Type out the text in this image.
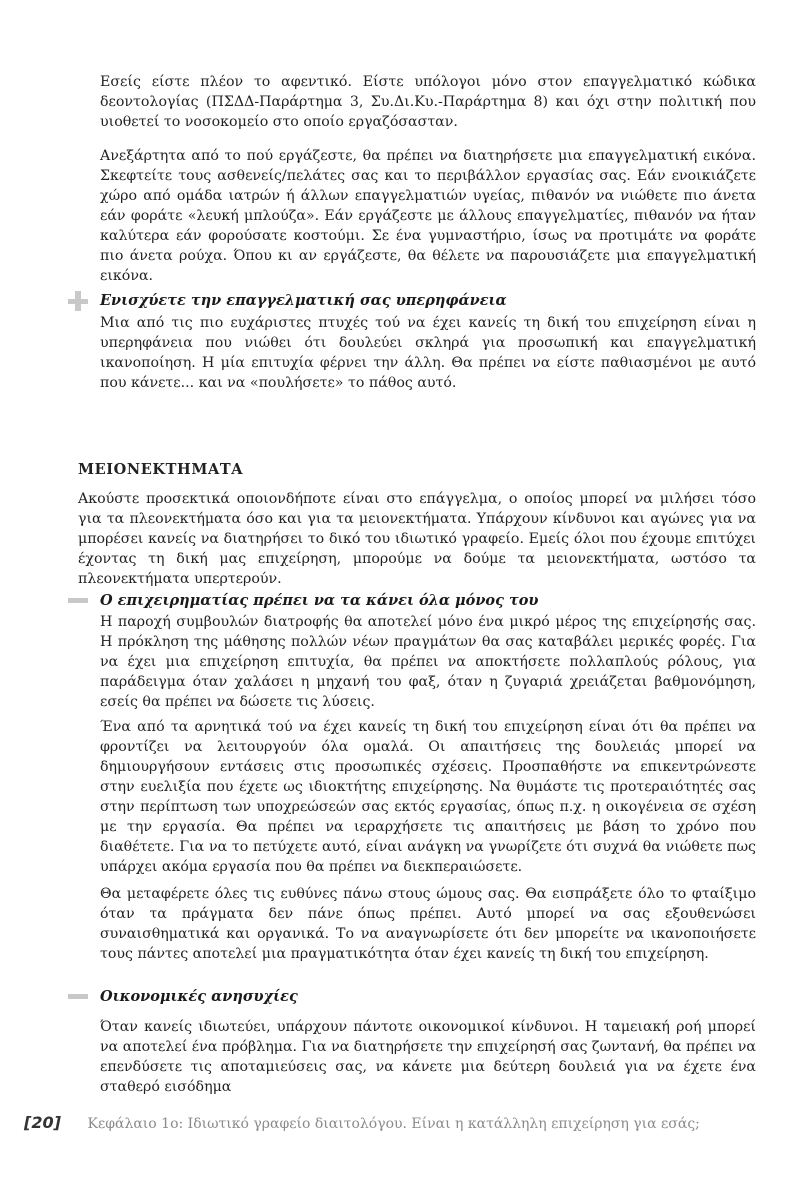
Εσείς είστε πλέον το αφεντικό. Είστε υπόλογοι μόνο στον επαγγελματικό κώδικα δεοντολογίας (ΠΣΔΔ-Παράρτημα 3, Συ.Δι.Κυ.-Παράρτημα 8) και όχι στην πολιτική που υιοθετεί το νοσοκομείο στο οποίο εργαζόσασταν.

Ανεξάρτητα από το πού εργάζεστε, θα πρέπει να διατηρήσετε μια επαγγελματική εικόνα. Σκεφτείτε τους ασθενείς/πελάτες σας και το περιβάλλον εργασίας σας. Εάν ενοικιάζετε χώρο από ομάδα ιατρών ή άλλων επαγγελματιών υγείας, πιθανόν να νιώθετε πιο άνετα εάν φοράτε «λευκή μπλούζα». Εάν εργάζεστε με άλλους επαγγελματίες, πιθανόν να ήταν καλύτερα εάν φορούσατε κοστούμι. Σε ένα γυμναστήριο, ίσως να προτιμάτε να φοράτε πιο άνετα ρούχα. Όπου κι αν εργάζεστε, θα θέλετε να παρουσιάζετε μια επαγγελματική εικόνα.

Ενισχύετε την επαγγελματική σας υπερηφάνεια

Μια από τις πιο ευχάριστες πτυχές τού να έχει κανείς τη δική του επιχείρηση είναι η υπερηφάνεια που νιώθει ότι δουλεύει σκληρά για προσωπική και επαγγελματική ικανοποίηση. Η μία επιτυχία φέρνει την άλλη. Θα πρέπει να είστε παθιασμένοι με αυτό που κάνετε... και να «πουλήσετε» το πάθος αυτό.

ΜΕΙΟΝΕΚΤΗΜΑΤΑ

Ακούστε προσεκτικά οποιονδήποτε είναι στο επάγγελμα, ο οποίος μπορεί να μιλήσει τόσο για τα πλεονεκτήματα όσο και για τα μειονεκτήματα. Υπάρχουν κίνδυνοι και αγώνες για να μπορέσει κανείς να διατηρήσει το δικό του ιδιωτικό γραφείο. Εμείς όλοι που έχουμε επιτύχει έχοντας τη δική μας επιχείρηση, μπορούμε να δούμε τα μειονεκτήματα, ωστόσο τα πλεονεκτήματα υπερτερούν.

Ο επιχειρηματίας πρέπει να τα κάνει όλα μόνος του

Η παροχή συμβουλών διατροφής θα αποτελεί μόνο ένα μικρό μέρος της επιχείρησής σας. Η πρόκληση της μάθησης πολλών νέων πραγμάτων θα σας καταβάλει μερικές φορές. Για να έχει μια επιχείρηση επιτυχία, θα πρέπει να αποκτήσετε πολλαπλούς ρόλους, για παράδειγμα όταν χαλάσει η μηχανή του φαξ, όταν η ζυγαριά χρειάζεται βαθμονόμηση, εσείς θα πρέπει να δώσετε τις λύσεις.

Ένα από τα αρνητικά τού να έχει κανείς τη δική του επιχείρηση είναι ότι θα πρέπει να φροντίζει να λειτουργούν όλα ομαλά. Οι απαιτήσεις της δουλειάς μπορεί να δημιουργήσουν εντάσεις στις προσωπικές σχέσεις. Προσπαθήστε να επικεντρώνεστε στην ευελιξία που έχετε ως ιδιοκτήτης επιχείρησης. Να θυμάστε τις προτεραιότητές σας στην περίπτωση των υποχρεώσεών σας εκτός εργασίας, όπως π.χ. η οικογένεια σε σχέση με την εργασία. Θα πρέπει να ιεραρχήσετε τις απαιτήσεις με βάση το χρόνο που διαθέτετε. Για να το πετύχετε αυτό, είναι ανάγκη να γνωρίζετε ότι συχνά θα νιώθετε πως υπάρχει ακόμα εργασία που θα πρέπει να διεκπεραιώσετε.

Θα μεταφέρετε όλες τις ευθύνες πάνω στους ώμους σας. Θα εισπράξετε όλο το φταίξιμο όταν τα πράγματα δεν πάνε όπως πρέπει. Αυτό μπορεί να σας εξουθενώσει συναισθηματικά και οργανικά. Το να αναγνωρίσετε ότι δεν μπορείτε να ικανοποιήσετε τους πάντες αποτελεί μια πραγματικότητα όταν έχει κανείς τη δική του επιχείρηση.

Οικονομικές ανησυχίες

Όταν κανείς ιδιωτεύει, υπάρχουν πάντοτε οικονομικοί κίνδυνοι. Η ταμειακή ροή μπορεί να αποτελεί ένα πρόβλημα. Για να διατηρήσετε την επιχείρησή σας ζωντανή, θα πρέπει να επενδύσετε τις αποταμιεύσεις σας, να κάνετε μια δεύτερη δουλειά για να έχετε ένα σταθερό εισόδημα

[20] Κεφάλαιο 1ο: Ιδιωτικό γραφείο διαιτολόγου. Είναι η κατάλληλη επιχείρηση για εσάς;
